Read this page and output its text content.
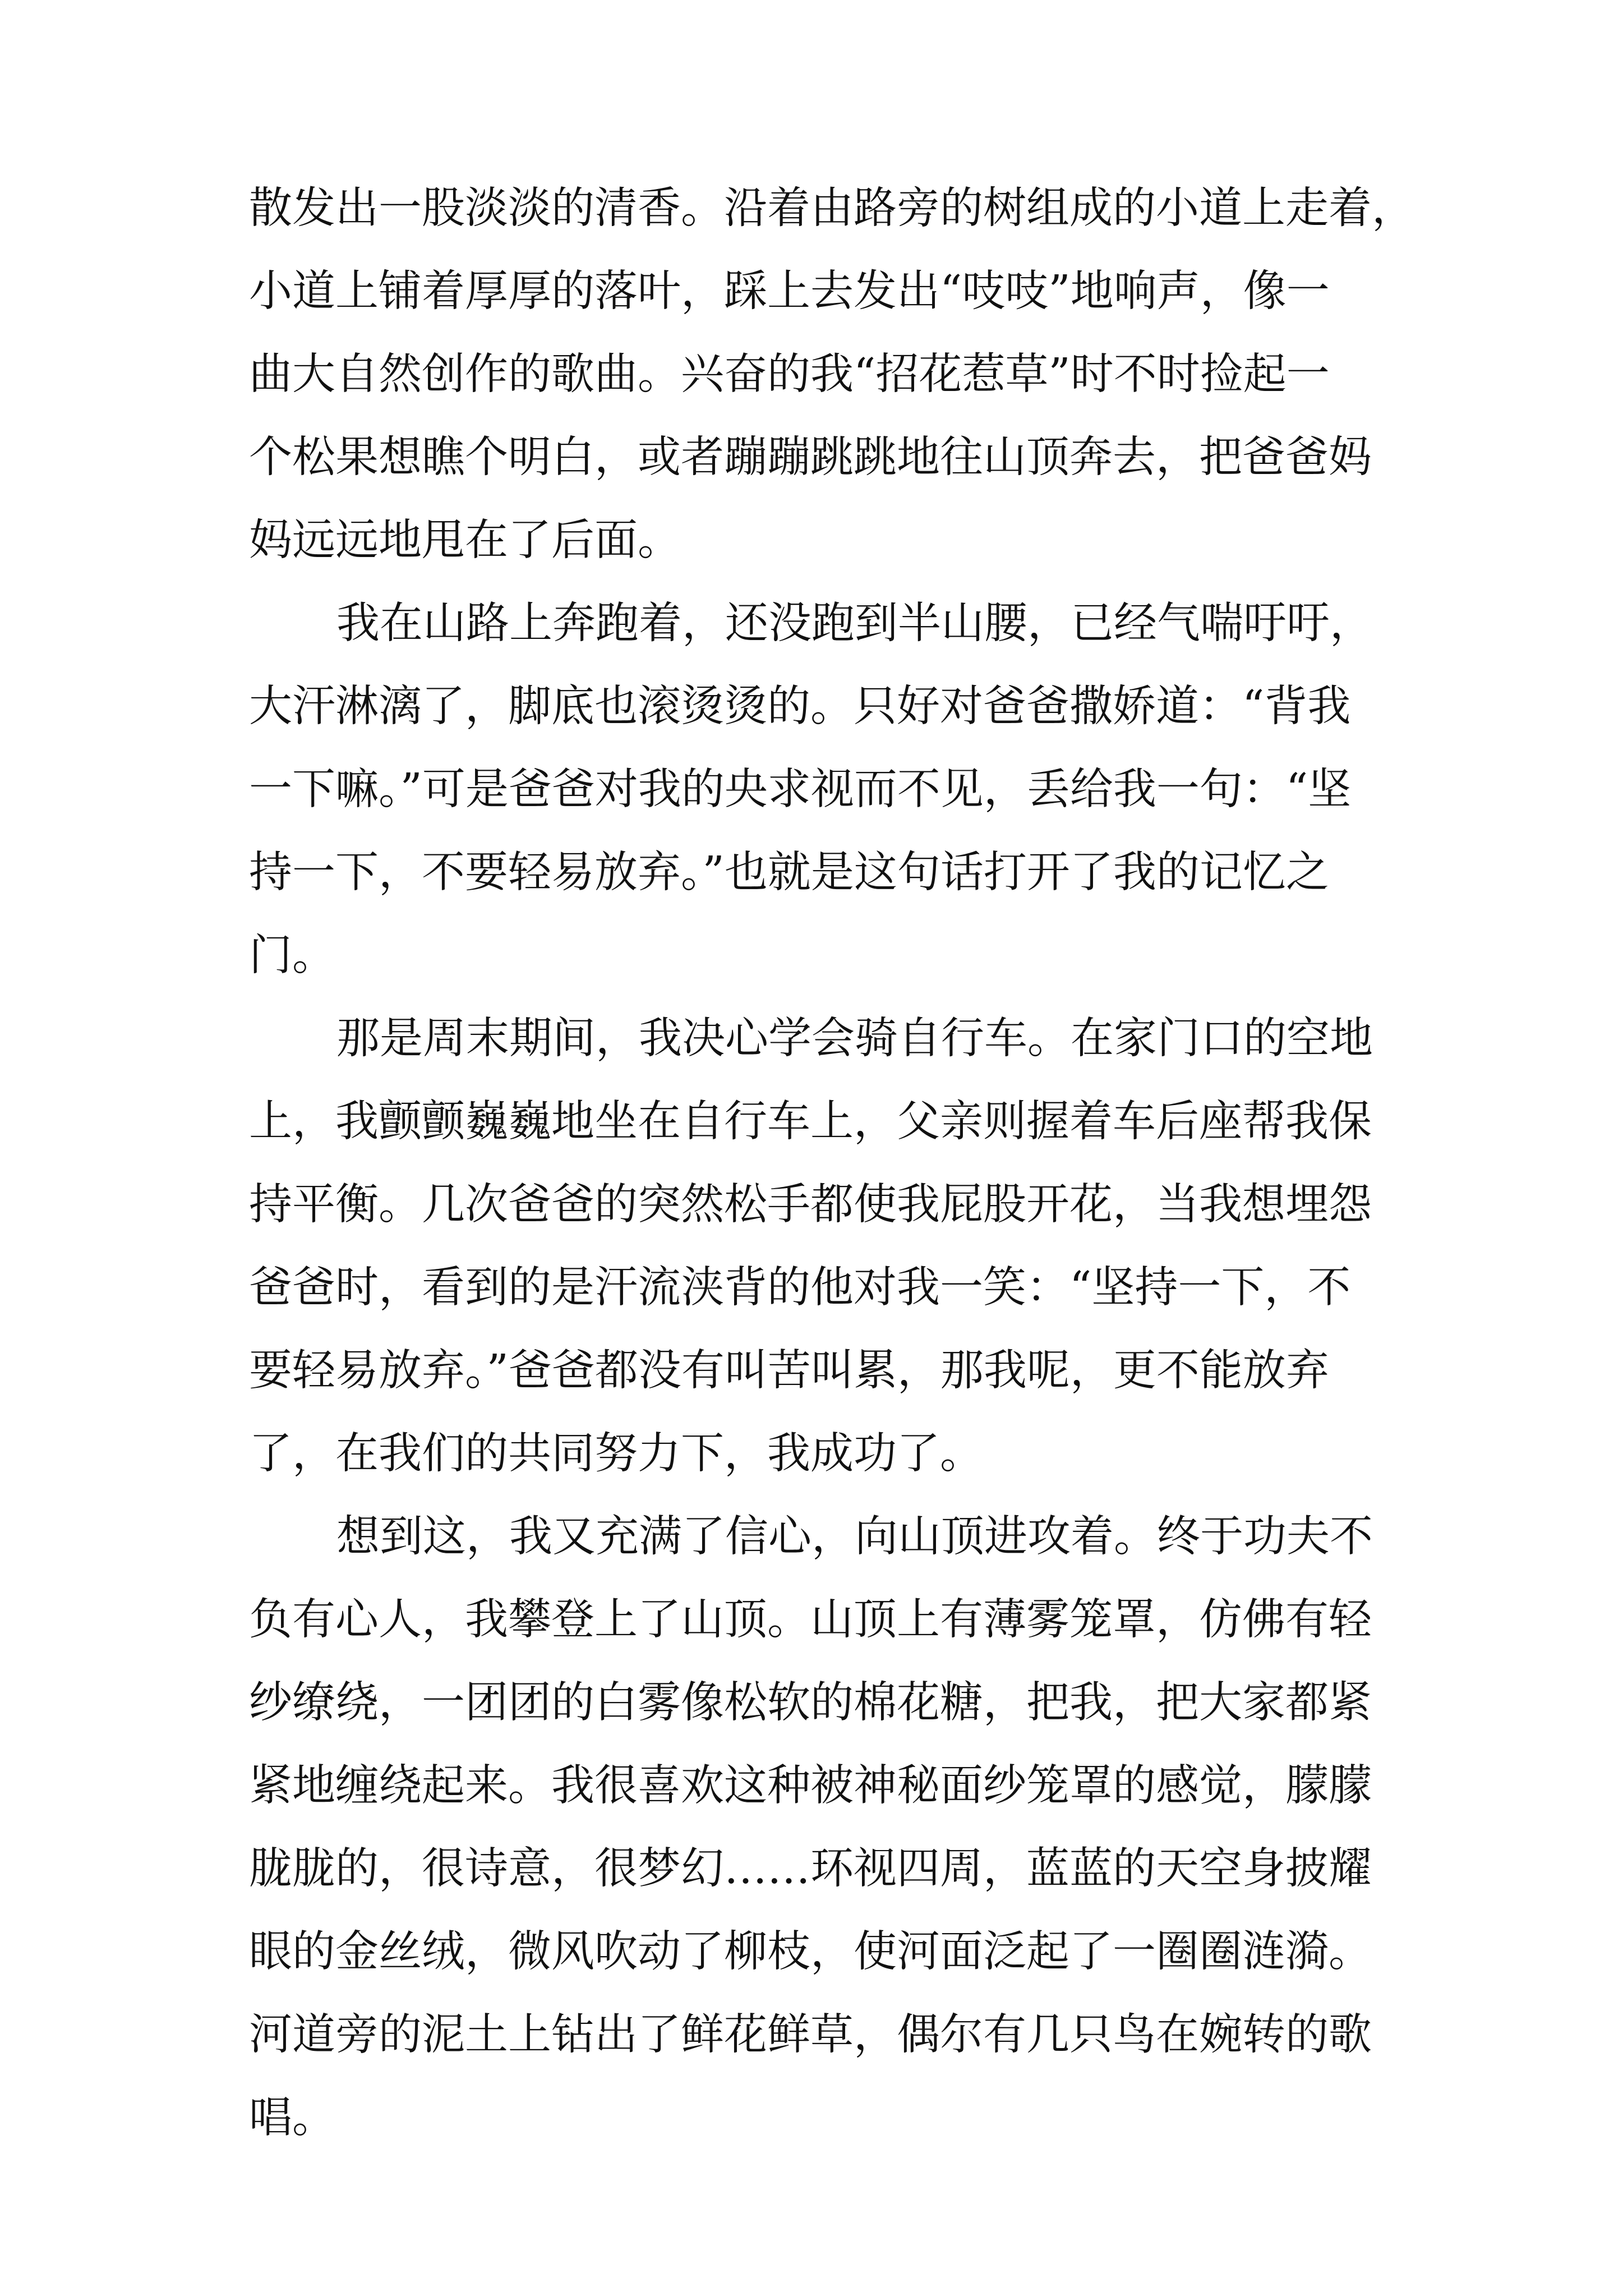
散发出一股淡淡的清香。沿着由路旁的树组成的小道上走着，
小道上铺着厚厚的落叶，踩上去发出“吱吱”地响声，像一
曲大自然创作的歌曲。兴奋的我“招花惹草”时不时捡起一
个松果想瞧个明白，或者蹦蹦跳跳地往山顶奔去，把爸爸妈
妈远远地甩在了后面。
我在山路上奔跑着，还没跑到半山腰，已经气喘吁吁，
大汗淋漓了，脚底也滚烫烫的。只好对爸爸撒娇道：“背我
一下嘛。”可是爸爸对我的央求视而不见，丢给我一句：“坚
持一下，不要轻易放弃。”也就是这句话打开了我的记忆之
门。
那是周末期间，我决心学会骑自行车。在家门口的空地
上，我颤颤巍巍地坐在自行车上，父亲则握着车后座帮我保
持平衡。几次爸爸的突然松手都使我屁股开花，当我想埋怨
爸爸时，看到的是汗流浃背的他对我一笑：“坚持一下，不
要轻易放弃。”爸爸都没有叫苦叫累，那我呢，更不能放弃
了，在我们的共同努力下，我成功了。
想到这，我又充满了信心，向山顶进攻着。终于功夫不
负有心人，我攀登上了山顶。山顶上有薄雾笼罩，仿佛有轻
纱缭绕，一团团的白雾像松软的棉花糖，把我，把大家都紧
紧地缠绕起来。我很喜欢这种被神秘面纱笼罩的感觉，朦朦
胧胧的，很诗意，很梦幻……环视四周，蓝蓝的天空身披耀
眼的金丝绒，微风吹动了柳枝，使河面泛起了一圈圈涟漪。
河道旁的泥土上钻出了鲜花鲜草，偶尔有几只鸟在婉转的歌
唱。
